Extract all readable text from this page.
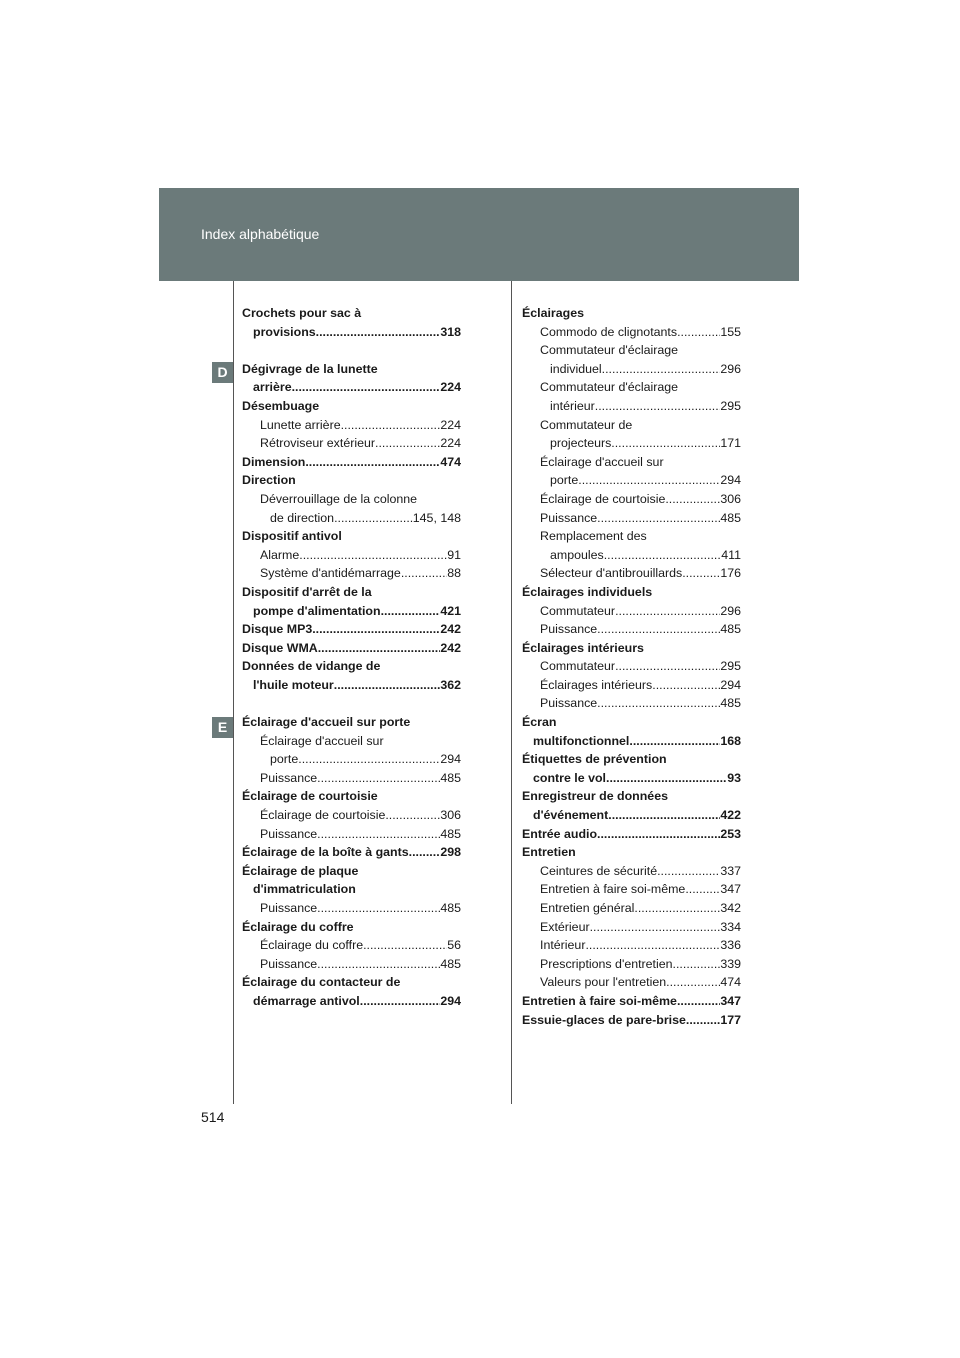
Index alphabétique
D
E
Crochets pour sac à
provisions .....	318
Dégivrage de la lunette
arrière .....	224
Désembuage
Lunette arrière .....	224
Rétroviseur extérieur .....	224
Dimension .....	474
Direction
Déverrouillage de la colonne
de direction .....	145, 148
Dispositif antivol
Alarme .....	91
Système d'antidémarrage .....	88
Dispositif d'arrêt de la
pompe d'alimentation .....	421
Disque MP3 .....	242
Disque WMA .....	242
Données de vidange de
l'huile moteur .....	362
Éclairage d'accueil sur porte
Éclairage d'accueil sur
porte .....	294
Puissance .....	485
Éclairage de courtoisie
Éclairage de courtoisie .....	306
Puissance .....	485
Éclairage de la boîte à gants .....	298
Éclairage de plaque
d'immatriculation
Puissance .....	485
Éclairage du coffre
Éclairage du coffre .....	56
Puissance .....	485
Éclairage du contacteur de
démarrage antivol .....	294
Éclairages
Commodo de clignotants .....	155
Commutateur d'éclairage
individuel .....	296
Commutateur d'éclairage
intérieur .....	295
Commutateur de
projecteurs .....	171
Éclairage d'accueil sur
porte .....	294
Éclairage de courtoisie .....	306
Puissance .....	485
Remplacement des
ampoules .....	411
Sélecteur d'antibrouillards .....	176
Éclairages individuels
Commutateur .....	296
Puissance .....	485
Éclairages intérieurs
Commutateur .....	295
Éclairages intérieurs .....	294
Puissance .....	485
Écran
multifonctionnel .....	168
Étiquettes de prévention
contre le vol .....	93
Enregistreur de données
d'événement .....	422
Entrée audio .....	253
Entretien
Ceintures de sécurité .....	337
Entretien à faire soi-même .....	347
Entretien général .....	342
Extérieur .....	334
Intérieur .....	336
Prescriptions d'entretien .....	339
Valeurs pour l'entretien .....	474
Entretien à faire soi-même .....	347
Essuie-glaces de pare-brise .....	177
514
